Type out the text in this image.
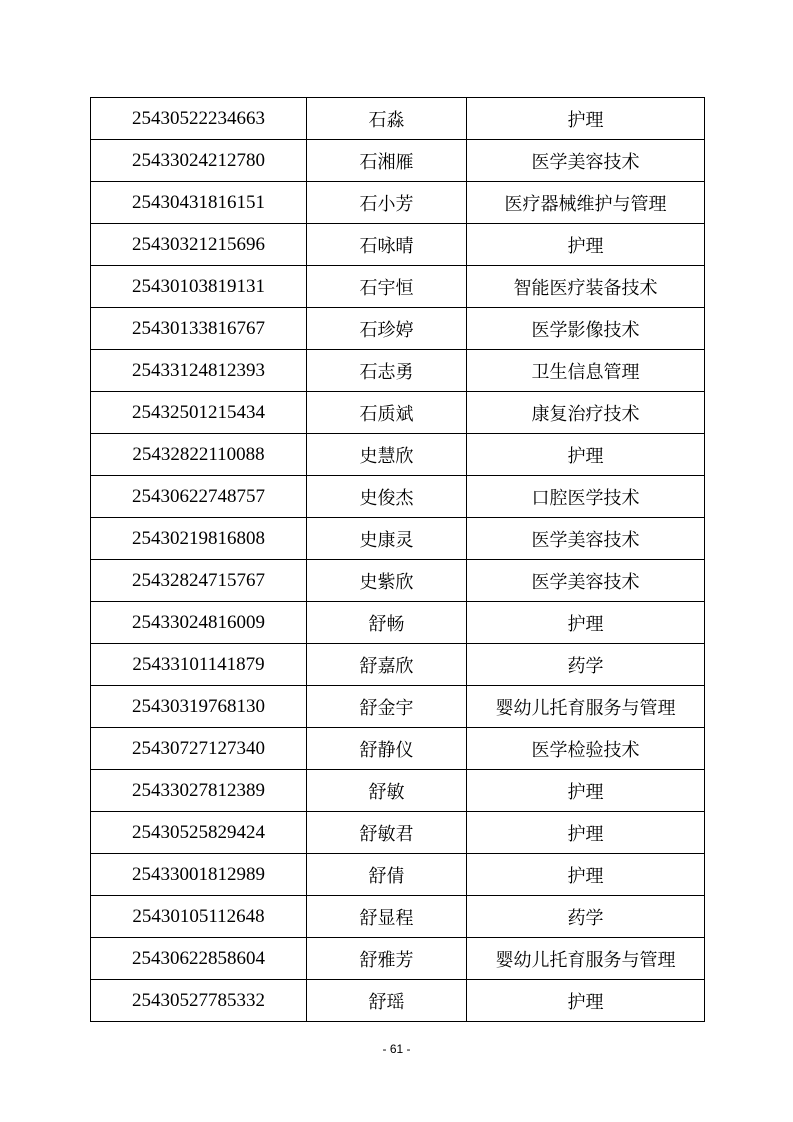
25430522234663	石淼	护理
25433024212780	石湘雁	医学美容技术
25430431816151	石小芳	医疗器械维护与管理
25430321215696	石咏晴	护理
25430103819131	石宇恒	智能医疗装备技术
25430133816767	石珍婷	医学影像技术
25433124812393	石志勇	卫生信息管理
25432501215434	石质斌	康复治疗技术
25432822110088	史慧欣	护理
25430622748757	史俊杰	口腔医学技术
25430219816808	史康灵	医学美容技术
25432824715767	史紫欣	医学美容技术
25433024816009	舒畅	护理
25433101141879	舒嘉欣	药学
25430319768130	舒金宇	婴幼儿托育服务与管理
25430727127340	舒静仪	医学检验技术
25433027812389	舒敏	护理
25430525829424	舒敏君	护理
25433001812989	舒倩	护理
25430105112648	舒显程	药学
25430622858604	舒雅芳	婴幼儿托育服务与管理
25430527785332	舒瑶	护理
- 61 -
